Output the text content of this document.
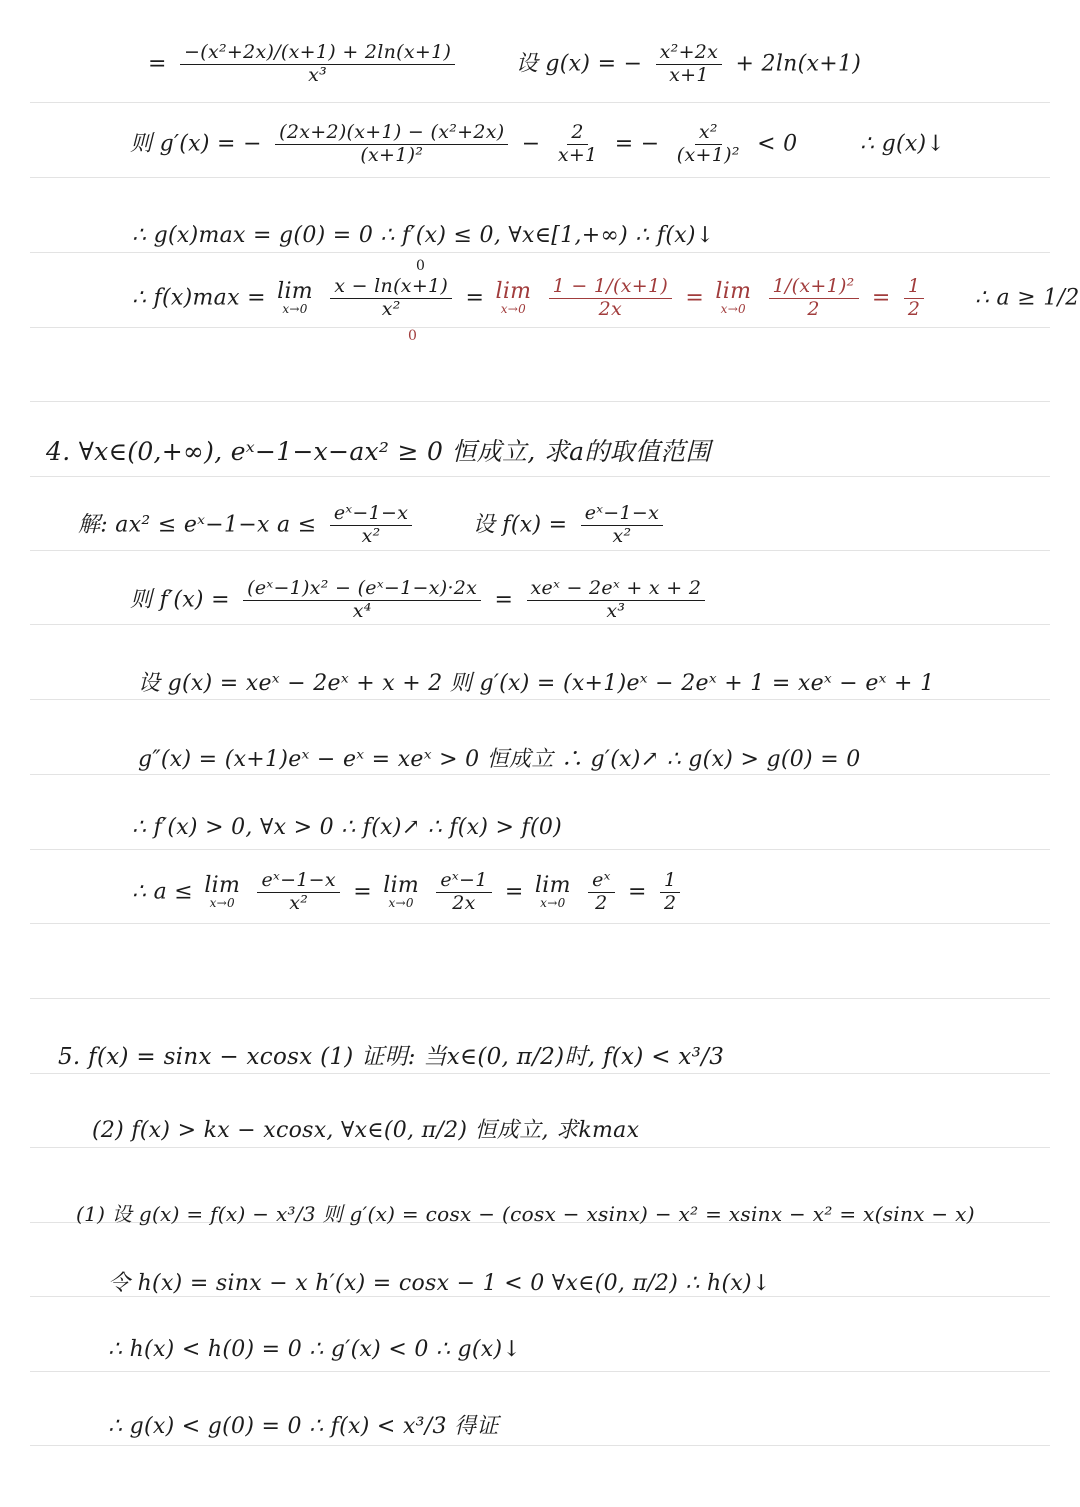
= $\frac{\text{−(x²+2x)/(x+1) + 2ln(x+1)}}{\text{x³}}$	设 g(x) = − $\frac{\text{x²+2x}}{x+1} + 2\ln(x+1)$
则 g′(x) = − $\frac{\text{(2x+2)(x+1) − (x²+2x)}}{\text{(x+1)²}} - \frac{2}{x+1}$ = − $\frac{\text{x²}}{\text{(x+1)²}} < 0$	∴ g(x)↓
∴ g(x)max = g(0) = 0 ∴ f′(x) ≤ 0, ∀x∈[1,+∞) ∴ f(x)↓
0
∴ f(x)max = lim
x→0
$\frac{x - \ln(x+1)}{\text{x²}} = \lim$
x→0
$\frac{1 - 1/(x+1)}{2x} = \lim$
x→0
$\frac{\text{1/(x+1)²}}{2} = \frac{1}{2}$ ∴ a ≥ 1/2
0
4. ∀x∈(0,+∞), eˣ−1−x−ax² ≥ 0 恒成立, 求a的取值范围
解: ax² ≤ eˣ−1−x $a \le \frac{\text{eˣ−1−x}}{\text{x²}}$	设 $f(x) = \frac{\text{eˣ−1−x}}{\text{x²}}$
则 $f'(x) = \frac{\text{(eˣ−1)x² − (eˣ−1−x)·2x}}{\text{x⁴}} = \frac{\text{xeˣ − 2eˣ + x + 2}}{\text{x³}}$
设 g(x) = xeˣ − 2eˣ + x + 2 则 g′(x) = (x+1)eˣ − 2eˣ + 1 = xeˣ − eˣ + 1
g″(x) = (x+1)eˣ − eˣ = xeˣ > 0 恒成立 ∴ g′(x)↗ ∴ g(x) > g(0) = 0
∴ f′(x) > 0, ∀x > 0 ∴ f(x)↗ ∴ f(x) > f(0)
∴ a ≤ lim
x→0
$\frac{\text{eˣ−1−x}}{\text{x²}} = \lim$
x→0
$\frac{\text{eˣ−1}}{2x} = \lim$
x→0
$\frac{\text{eˣ}}{2} = \frac{1}{2}$
5. f(x) = sinx − xcosx (1) 证明: 当x∈(0, π/2)时, f(x) < x³/3
(2) f(x) > kx − xcosx, ∀x∈(0, π/2) 恒成立, 求kmax
(1) 设 g(x) = f(x) − x³/3 则 g′(x) = cosx − (cosx − xsinx) − x² = xsinx − x² = x(sinx − x)
令 h(x) = sinx − x h′(x) = cosx − 1 < 0 ∀x∈(0, π/2) ∴ h(x)↓
∴ h(x) < h(0) = 0 ∴ g′(x) < 0 ∴ g(x)↓
∴ g(x) < g(0) = 0 ∴ f(x) < x³/3 得证
